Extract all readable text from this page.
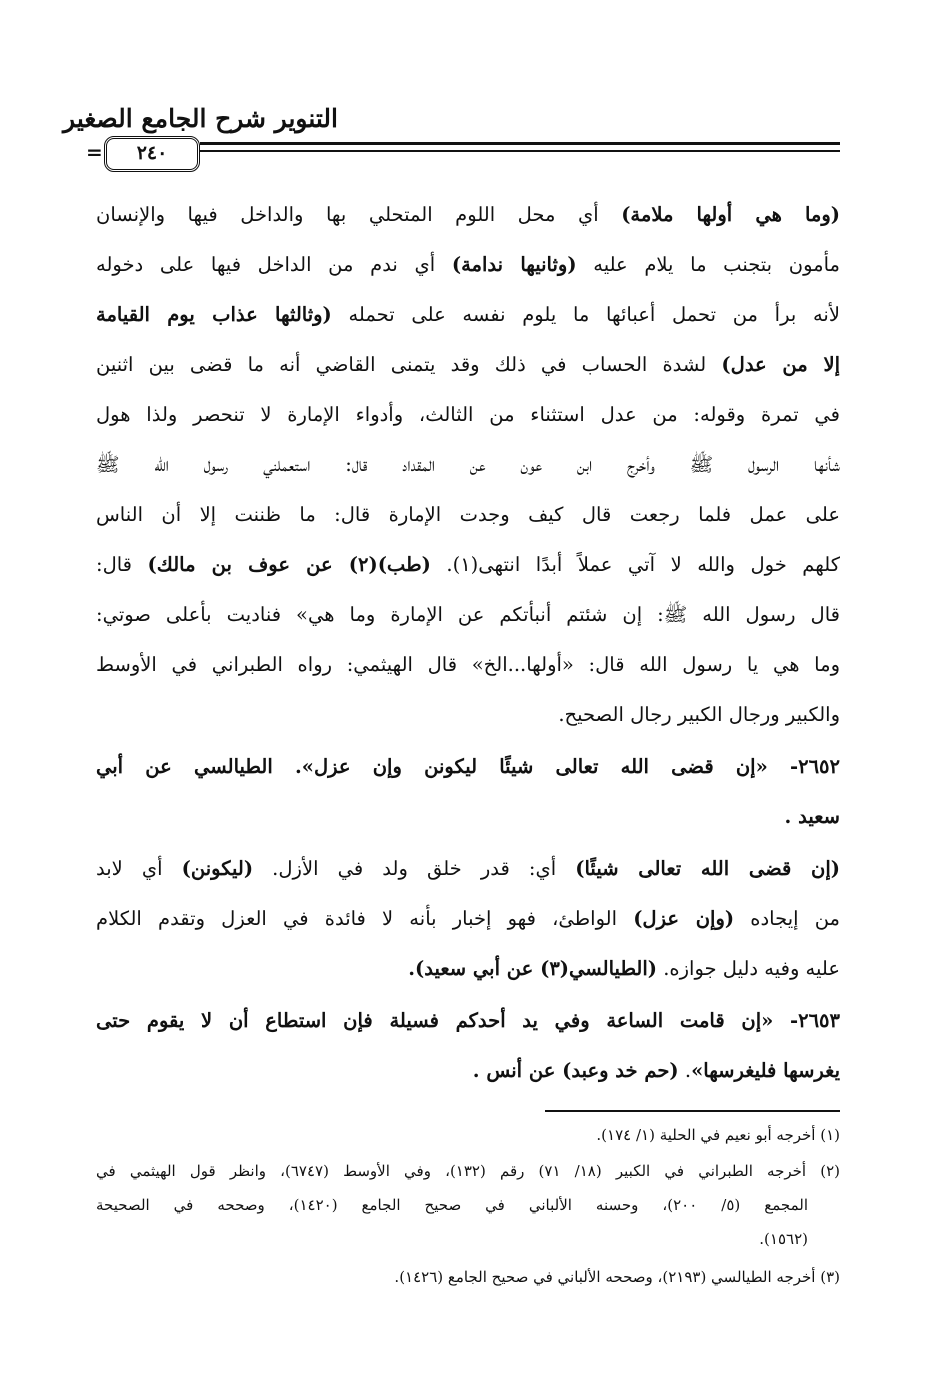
التنوير شرح الجامع الصغير
=	٢٤٠
(وما هي أولها ملامة) أي محل اللوم المتحلي بها والداخل فيها والإنسان
مأمون بتجنب ما يلام عليه (وثانيها ندامة) أي ندم من الداخل فيها على دخوله
لأنه برأ من تحمل أعبائها ما يلوم نفسه على تحمله (وثالثها عذاب يوم القيامة
إلا من عدل) لشدة الحساب في ذلك وقد يتمنى القاضي أنه ما قضى بين اثنين
في تمرة وقوله: من عدل استثناء من الثالث، وأدواء الإمارة لا تنحصر ولذا هول
شأنها الرسول ﷺ وأخرج ابن عون عن المقداد قال: استعملني رسول الله ﷺ
على عمل فلما رجعت قال كيف وجدت الإمارة قال: ما ظننت إلا أن الناس
كلهم خول والله لا آتي عملاً أبدًا انتهى(١). (طب)(٢) عن عوف بن مالك) قال:
قال رسول الله ﷺ: إن شئتم أنبأتكم عن الإمارة وما هي» فناديت بأعلى صوتي:
وما هي يا رسول الله قال: «أولها...الخ» قال الهيثمي: رواه الطبراني في الأوسط
والكبير ورجال الكبير رجال الصحيح.
٢٦٥٢- «إن قضى الله تعالى شيئًا ليكونن وإن عزل». الطيالسي عن أبي
سعيد .
(إن قضى الله تعالى شيئًا) أي: قدر خلق ولد في الأزل. (ليكونن) أي لابد
من إيجاده (وإن عزل) الواطئ، فهو إخبار بأنه لا فائدة في العزل وتقدم الكلام
عليه وفيه دليل جوازه. (الطيالسي(٣) عن أبي سعيد).
٢٦٥٣- «إن قامت الساعة وفي يد أحدكم فسيلة فإن استطاع أن لا يقوم حتى
يغرسها فليغرسها». (حم خد وعبد) عن أنس .
(١) أخرجه أبو نعيم في الحلية (١/ ١٧٤).
(٢) أخرجه الطبراني في الكبير (١٨/ ٧١) رقم (١٣٢)، وفي الأوسط (٦٧٤٧)، وانظر قول الهيثمي في
المجمع (٥/ ٢٠٠)، وحسنه الألباني في صحيح الجامع (١٤٢٠)، وصححه في الصحيحة
(١٥٦٢).
(٣) أخرجه الطيالسي (٢١٩٣)، وصححه الألباني في صحيح الجامع (١٤٢٦).
